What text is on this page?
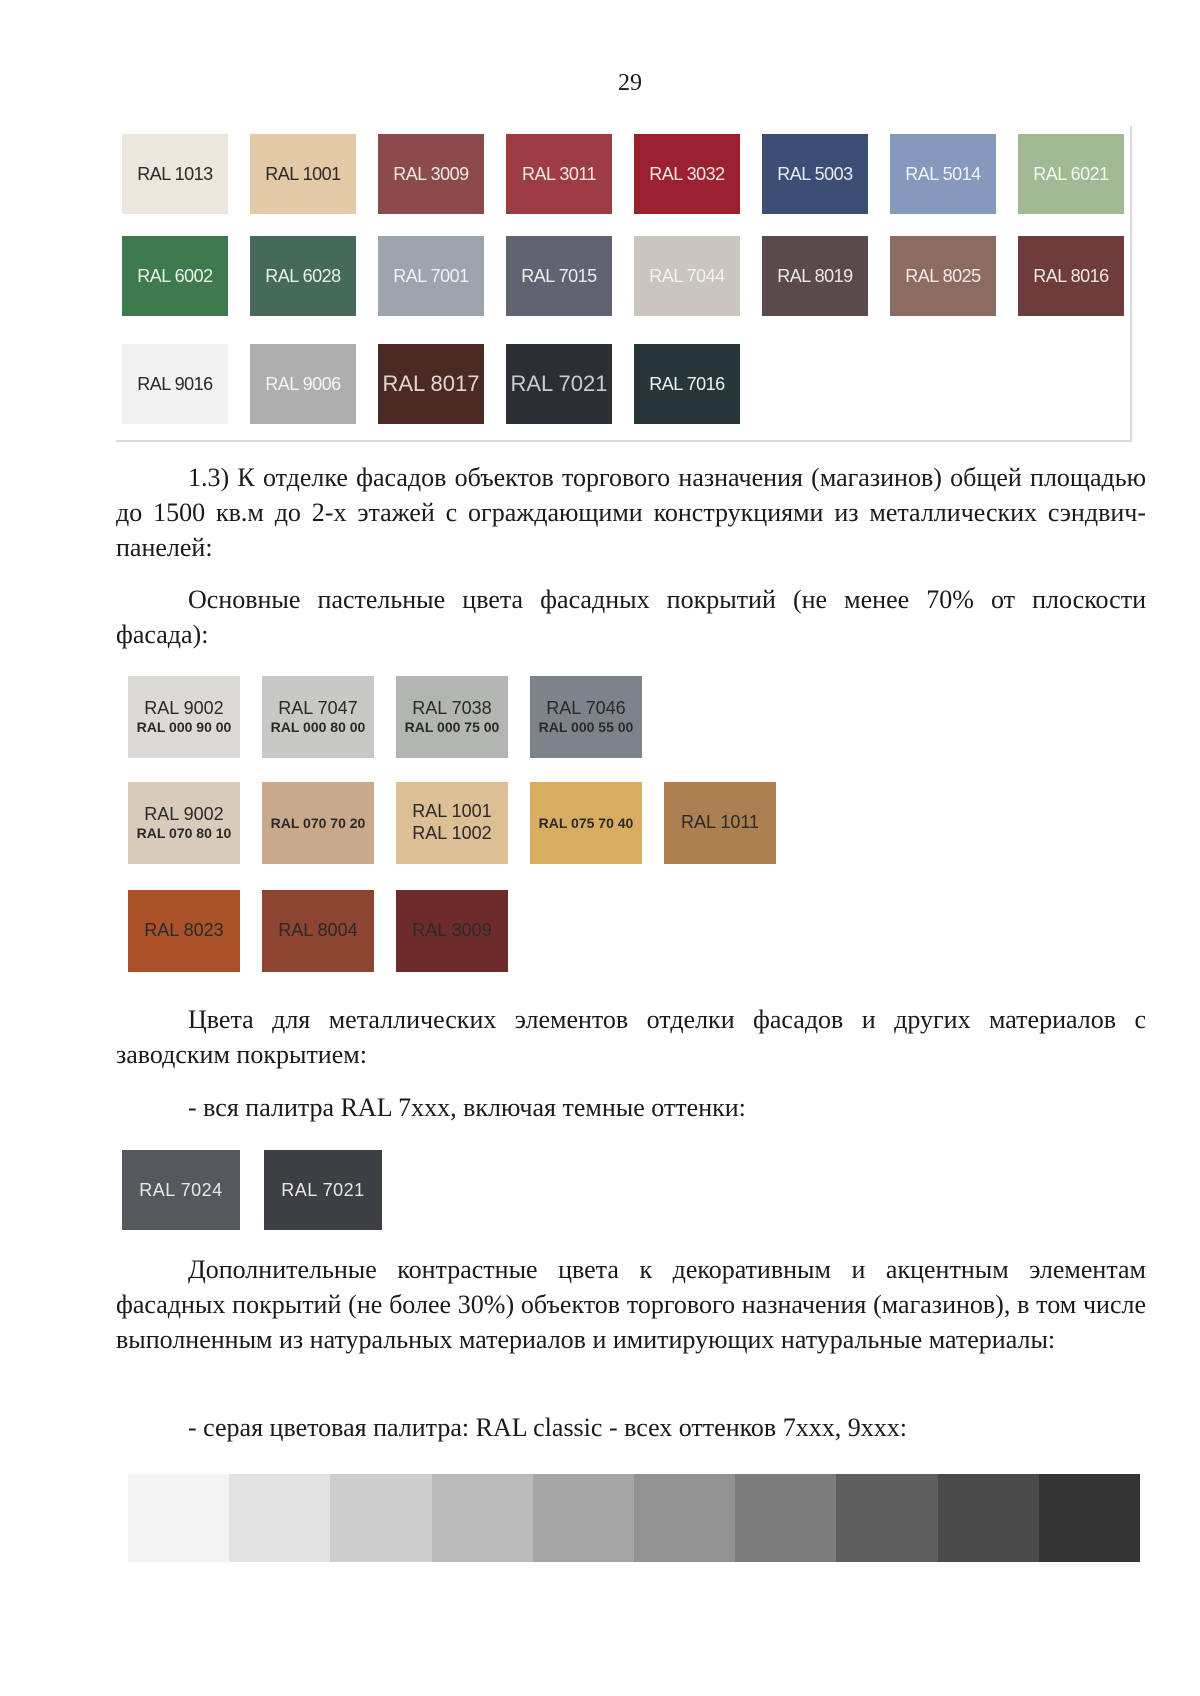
29
RAL 1013	RAL 1001	RAL 3009	RAL 3011	RAL 3032	RAL 5003	RAL 5014	RAL 6021
RAL 6002	RAL 6028	RAL 7001	RAL 7015	RAL 7044	RAL 8019	RAL 8025	RAL 8016
RAL 9016	RAL 9006	RAL 8017 RAL 7021	RAL 7016
1.3) К отделке фасадов объектов торгового назначения (магазинов) общей площадью до 1500 кв.м до 2-х этажей с ограждающими конструкциями из металлических сэндвич-панелей:
Основные пастельные цвета фасадных покрытий (не менее 70% от плоскости фасада):
RAL 9002
RAL 000 90 00
RAL 7047
RAL 000 80 00
RAL 7038
RAL 000 75 00
RAL 7046
RAL 000 55 00
RAL 9002
RAL 070 80 10
RAL 070 70 20
RAL 1001
RAL 1002
RAL 075 70 40	RAL 1011
RAL 8023	RAL 8004	RAL 3009
Цвета для металлических элементов отделки фасадов и других материалов с заводским покрытием:
- вся палитра RAL 7ххх, включая темные оттенки:
RAL 7024	RAL 7021
Дополнительные контрастные цвета к декоративным и акцентным элементам фасадных покрытий (не более 30%) объектов торгового назначения (магазинов), в том числе выполненным из натуральных материалов и имитирующих натуральные материалы:
- серая цветовая палитра: RAL classic - всех оттенков 7ххх, 9ххх:
